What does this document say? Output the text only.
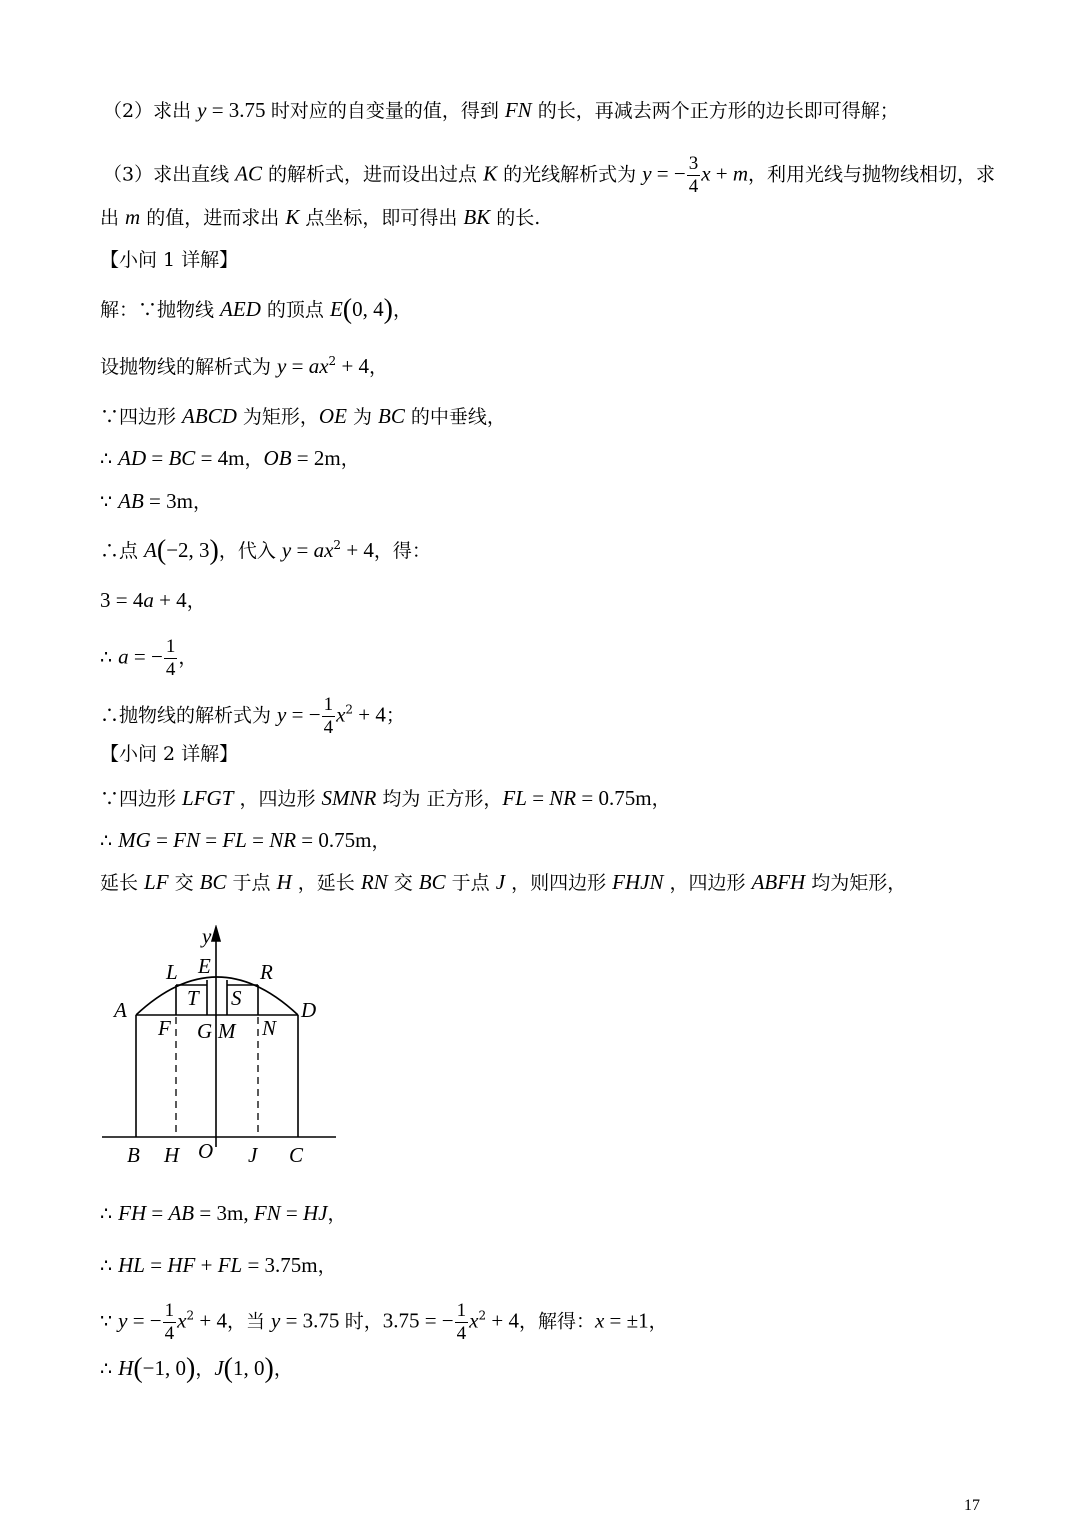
（2）求出 y = 3.75 时对应的自变量的值，得到 FN 的长，再减去两个正方形的边长即可得解；
（3）求出直线 AC 的解析式，进而设出过点 K 的光线解析式为 y = − $\frac{3}{4}$ x + m，利用光线与抛物线相切，求
出 m 的值，进而求出 K 点坐标，即可得出 BK 的长.
【小问 1 详解】
解：∵抛物线 AED 的顶点 E(0, 4)，
设抛物线的解析式为 $y = ax^2 + 4$，
∵四边形 ABCD 为矩形，OE 为 BC 的中垂线，
∴ AD = BC = 4m，OB = 2m，
∵ AB = 3m，
∴点 A(−2, 3)，代入 $y = ax^2 + 4$，得：
3 = 4a + 4，
∴ a = − $\frac{1}{4}$ ，
∴抛物线的解析式为 y = − $\frac{1}{4} x^2 + 4$；
【小问 2 详解】
∵四边形 LFGT ，四边形 SMNR 均为 正方形，FL = NR = 0.75m，
∴ MG = FN = FL = NR = 0.75m，
延长 LF 交 BC 于点 H ，延长 RN 交 BC 于点 J ，则四边形 FHJN ，四边形 ABFH 均为矩形，
∴ FH = AB = 3m, FN = HJ，
∴ HL = HF + FL = 3.75m，
∵ y = − $\frac{1}{4} x^2 + 4$，当 y = 3.75 时，3.75 = − $\frac{1}{4} x^2 + 4$，解得：x = ±1，
∴ H(−1, 0)，J(1, 0)，
y
E
L	R
A	D
T S
F G M N
B H O J C
17
